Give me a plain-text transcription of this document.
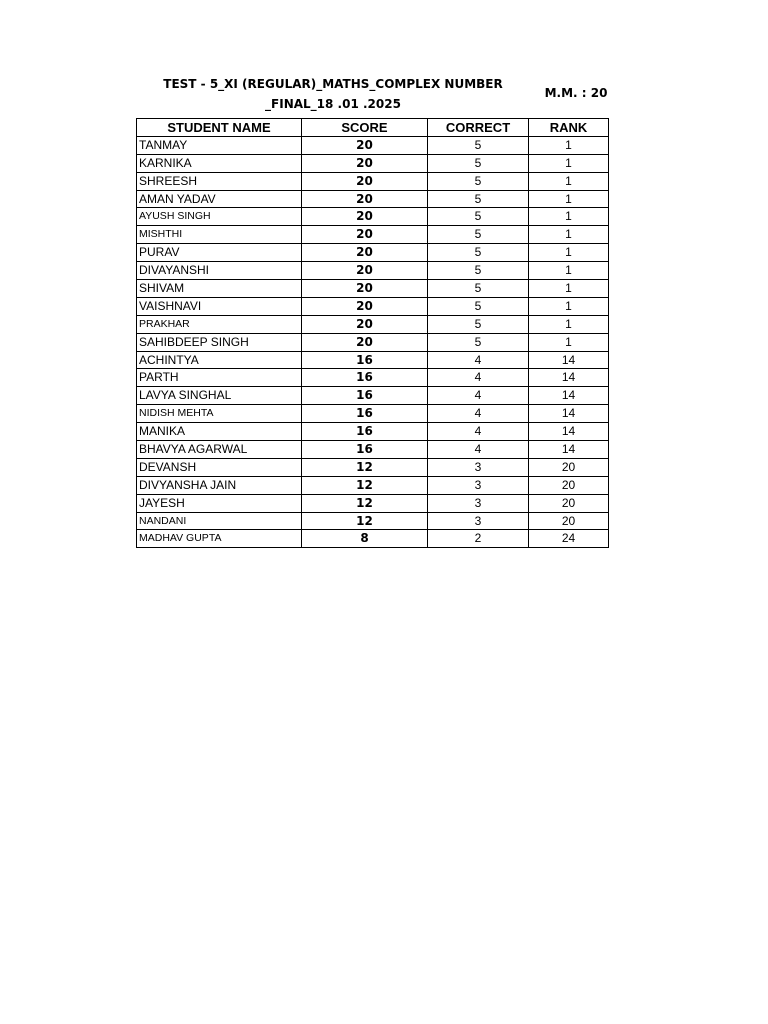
TEST - 5_XI (REGULAR)_MATHS_COMPLEX NUMBER
_FINAL_18 .01 .2025
M.M. : 20
STUDENT NAME	SCORE	CORRECT	RANK
TANMAY	20	5	1
KARNIKA	20	5	1
SHREESH	20	5	1
AMAN YADAV	20	5	1
AYUSH SINGH	20	5	1
MISHTHI	20	5	1
PURAV	20	5	1
DIVAYANSHI	20	5	1
SHIVAM	20	5	1
VAISHNAVI	20	5	1
PRAKHAR	20	5	1
SAHIBDEEP SINGH	20	5	1
ACHINTYA	16	4	14
PARTH	16	4	14
LAVYA SINGHAL	16	4	14
NIDISH MEHTA	16	4	14
MANIKA	16	4	14
BHAVYA AGARWAL	16	4	14
DEVANSH	12	3	20
DIVYANSHA JAIN	12	3	20
JAYESH	12	3	20
NANDANI	12	3	20
MADHAV GUPTA	8	2	24
